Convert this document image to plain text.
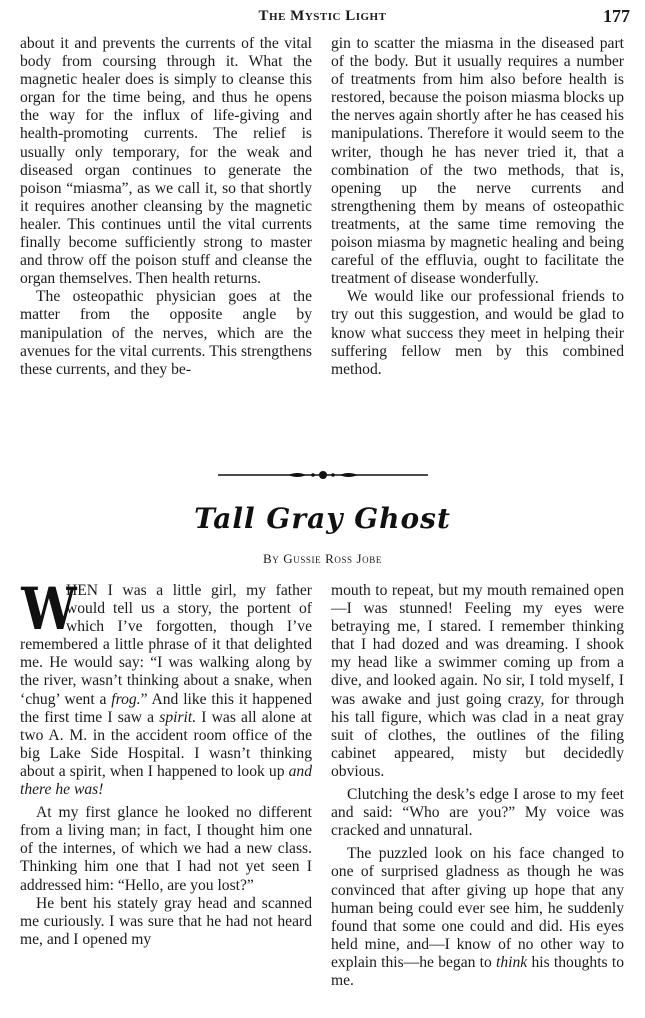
The Mystic Light	177

about it and prevents the currents of the vital body from coursing through it. What the magnetic healer does is simply to cleanse this organ for the time being, and thus he opens the way for the influx of life-giving and health-promoting currents. The relief is usually only temporary, for the weak and diseased organ continues to generate the poison “miasma”, as we call it, so that shortly it requires another cleansing by the magnetic healer. This continues until the vital currents finally become sufficiently strong to master and throw off the poison stuff and cleanse the organ themselves. Then health returns.

The osteopathic physician goes at the matter from the opposite angle by manipulation of the nerves, which are the avenues for the vital currents. This strengthens these currents, and they be-

gin to scatter the miasma in the diseased part of the body. But it usually requires a number of treatments from him also before health is restored, because the poison miasma blocks up the nerves again shortly after he has ceased his manipulations. Therefore it would seem to the writer, though he has never tried it, that a combination of the two methods, that is, opening up the nerve currents and strengthening them by means of osteopathic treatments, at the same time removing the poison miasma by magnetic healing and being careful of the effluvia, ought to facilitate the treatment of disease wonderfully.

We would like our professional friends to try out this suggestion, and would be glad to know what success they meet in helping their suffering fellow men by this combined method.

Tall Gray Ghost
By Gussie Ross Jobe

W
HEN I was a little girl, my father would tell us a story, the portent of which I’ve forgotten, though I’ve remembered a little phrase of it that delighted me. He would say: “I was walking along by the river, wasn’t thinking about a snake, when ‘chug’ went a frog.” And like this it happened the first time I saw a spirit. I was all alone at two A. M. in the accident room office of the big Lake Side Hospital. I wasn’t thinking about a spirit, when I happened to look up and there he was!

At my first glance he looked no different from a living man; in fact, I thought him one of the internes, of which we had a new class. Thinking him one that I had not yet seen I addressed him: “Hello, are you lost?”

He bent his stately gray head and scanned me curiously. I was sure that he had not heard me, and I opened my

mouth to repeat, but my mouth remained open—I was stunned! Feeling my eyes were betraying me, I stared. I remember thinking that I had dozed and was dreaming. I shook my head like a swimmer coming up from a dive, and looked again. No sir, I told myself, I was awake and just going crazy, for through his tall figure, which was clad in a neat gray suit of clothes, the outlines of the filing cabinet appeared, misty but decidedly obvious.

Clutching the desk’s edge I arose to my feet and said: “Who are you?” My voice was cracked and unnatural.

The puzzled look on his face changed to one of surprised gladness as though he was convinced that after giving up hope that any human being could ever see him, he suddenly found that some one could and did. His eyes held mine, and—I know of no other way to explain this—he began to think his thoughts to me.
